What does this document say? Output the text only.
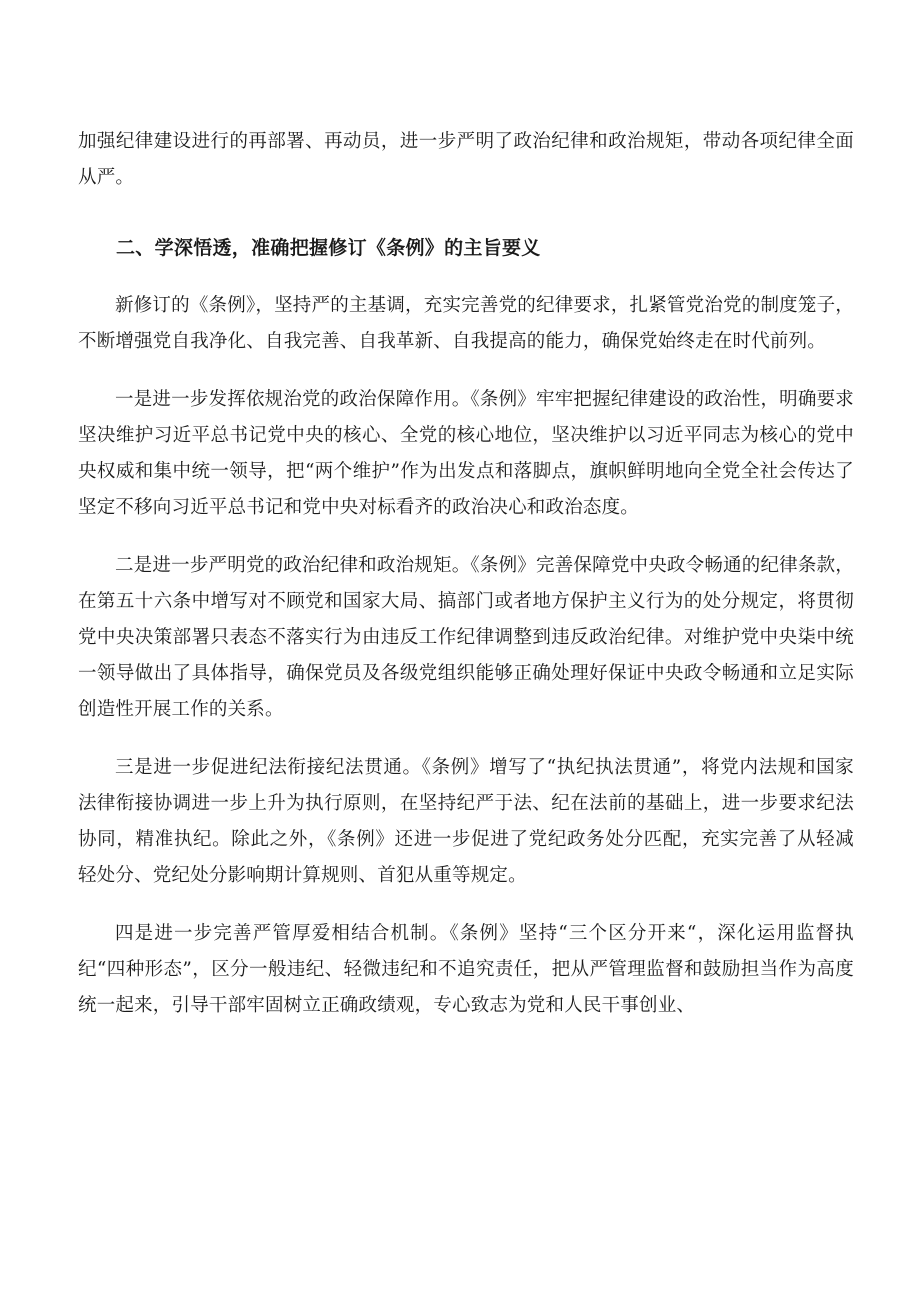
加强纪律建设进行的再部署、再动员，进一步严明了政治纪律和政治规矩，带动各项纪律全面从严。

二、学深悟透，准确把握修订《条例》的主旨要义

新修订的《条例》，坚持严的主基调，充实完善党的纪律要求，扎紧管党治党的制度笼子，不断增强党自我净化、自我完善、自我革新、自我提高的能力，确保党始终走在时代前列。

一是进一步发挥依规治党的政治保障作用。《条例》牢牢把握纪律建设的政治性，明确要求坚决维护习近平总书记党中央的核心、全党的核心地位，坚决维护以习近平同志为核心的党中央权威和集中统一领导，把“两个维护”作为出发点和落脚点，旗帜鲜明地向全党全社会传达了坚定不移向习近平总书记和党中央对标看齐的政治决心和政治态度。

二是进一步严明党的政治纪律和政治规矩。《条例》完善保障党中央政令畅通的纪律条款，在第五十六条中增写对不顾党和国家大局、搞部门或者地方保护主义行为的处分规定，将贯彻党中央决策部署只表态不落实行为由违反工作纪律调整到违反政治纪律。对维护党中央柒中统一领导做出了具体指导，确保党员及各级党组织能够正确处理好保证中央政令畅通和立足实际创造性开展工作的关系。

三是进一步促进纪法衔接纪法贯通。《条例》增写了“执纪执法贯通”，将党内法规和国家法律衔接协调进一步上升为执行原则，在坚持纪严于法、纪在法前的基础上，进一步要求纪法协同，精准执纪。除此之外，《条例》还进一步促进了党纪政务处分匹配，充实完善了从轻减轻处分、党纪处分影响期计算规则、首犯从重等规定。

四是进一步完善严管厚爱相结合机制。《条例》坚持“三个区分开来“，深化运用监督执纪“四种形态”，区分一般违纪、轻微违纪和不追究责任，把从严管理监督和鼓励担当作为高度统一起来，引导干部牢固树立正确政绩观，专心致志为党和人民干事创业、
